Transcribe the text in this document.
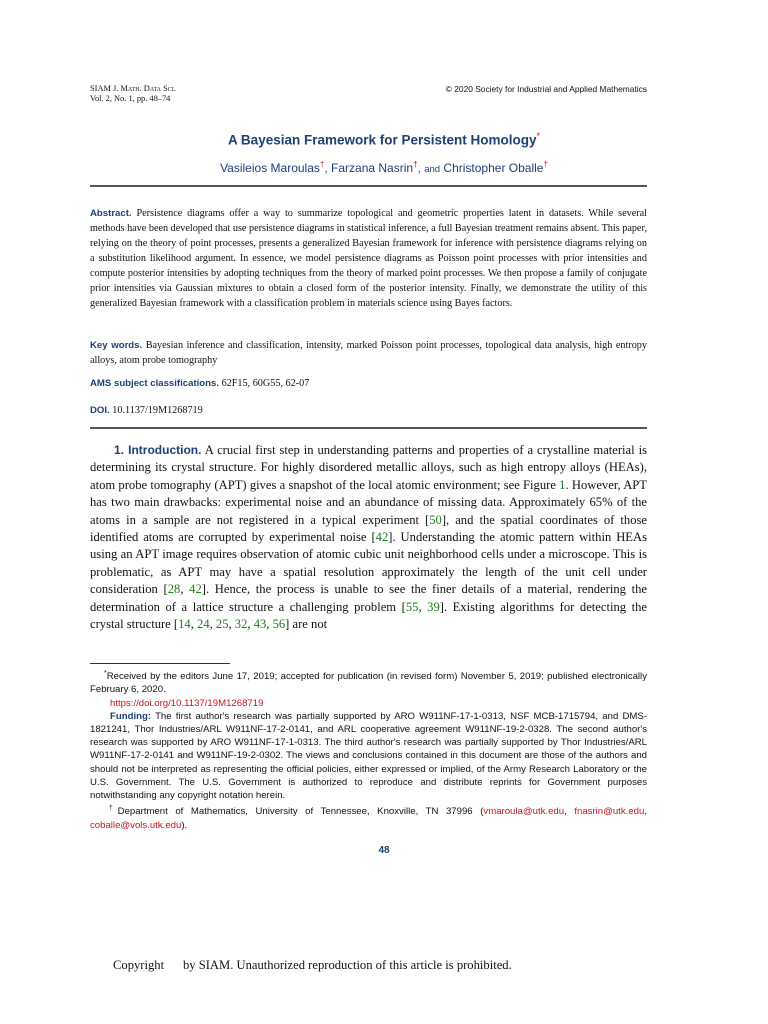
SIAM J. Math. Data Sci.
Vol. 2, No. 1, pp. 48–74
© 2020 Society for Industrial and Applied Mathematics
A Bayesian Framework for Persistent Homology*
Vasileios Maroulas†, Farzana Nasrin†, and Christopher Oballe†
Abstract. Persistence diagrams offer a way to summarize topological and geometric properties latent in datasets. While several methods have been developed that use persistence diagrams in statistical inference, a full Bayesian treatment remains absent. This paper, relying on the theory of point processes, presents a generalized Bayesian framework for inference with persistence diagrams relying on a substitution likelihood argument. In essence, we model persistence diagrams as Poisson point processes with prior intensities and compute posterior intensities by adopting techniques from the theory of marked point processes. We then propose a family of conjugate prior intensities via Gaussian mixtures to obtain a closed form of the posterior intensity. Finally, we demonstrate the utility of this generalized Bayesian framework with a classification problem in materials science using Bayes factors.
Key words. Bayesian inference and classification, intensity, marked Poisson point processes, topological data analysis, high entropy alloys, atom probe tomography
AMS subject classifications. 62F15, 60G55, 62-07
DOI. 10.1137/19M1268719
1. Introduction. A crucial first step in understanding patterns and properties of a crystalline material is determining its crystal structure. For highly disordered metallic alloys, such as high entropy alloys (HEAs), atom probe tomography (APT) gives a snapshot of the local atomic environment; see Figure 1. However, APT has two main drawbacks: experimental noise and an abundance of missing data. Approximately 65% of the atoms in a sample are not registered in a typical experiment [50], and the spatial coordinates of those identified atoms are corrupted by experimental noise [42]. Understanding the atomic pattern within HEAs using an APT image requires observation of atomic cubic unit neighborhood cells under a microscope. This is problematic, as APT may have a spatial resolution approximately the length of the unit cell under consideration [28, 42]. Hence, the process is unable to see the finer details of a material, rendering the determination of a lattice structure a challenging problem [55, 39]. Existing algorithms for detecting the crystal structure [14, 24, 25, 32, 43, 56] are not

*Received by the editors June 17, 2019; accepted for publication (in revised form) November 5, 2019; published electronically February 6, 2020.

https://doi.org/10.1137/19M1268719

Funding: The first author's research was partially supported by ARO W911NF-17-1-0313, NSF MCB-1715794, and DMS-1821241, Thor Industries/ARL W911NF-17-2-0141, and ARL cooperative agreement W911NF-19-2-0328. The second author's research was supported by ARO W911NF-17-1-0313. The third author's research was partially supported by Thor Industries/ARL W911NF-17-2-0141 and W911NF-19-2-0302. The views and conclusions contained in this document are those of the authors and should not be interpreted as representing the official policies, either expressed or implied, of the Army Research Laboratory or the U.S. Government. The U.S. Government is authorized to reproduce and distribute reprints for Government purposes notwithstanding any copyright notation herein.

†Department of Mathematics, University of Tennessee, Knoxville, TN 37996 (vmaroula@utk.edu, fnasrin@utk.edu, coballe@vols.utk.edu).

48
Copyright      by SIAM. Unauthorized reproduction of this article is prohibited.
